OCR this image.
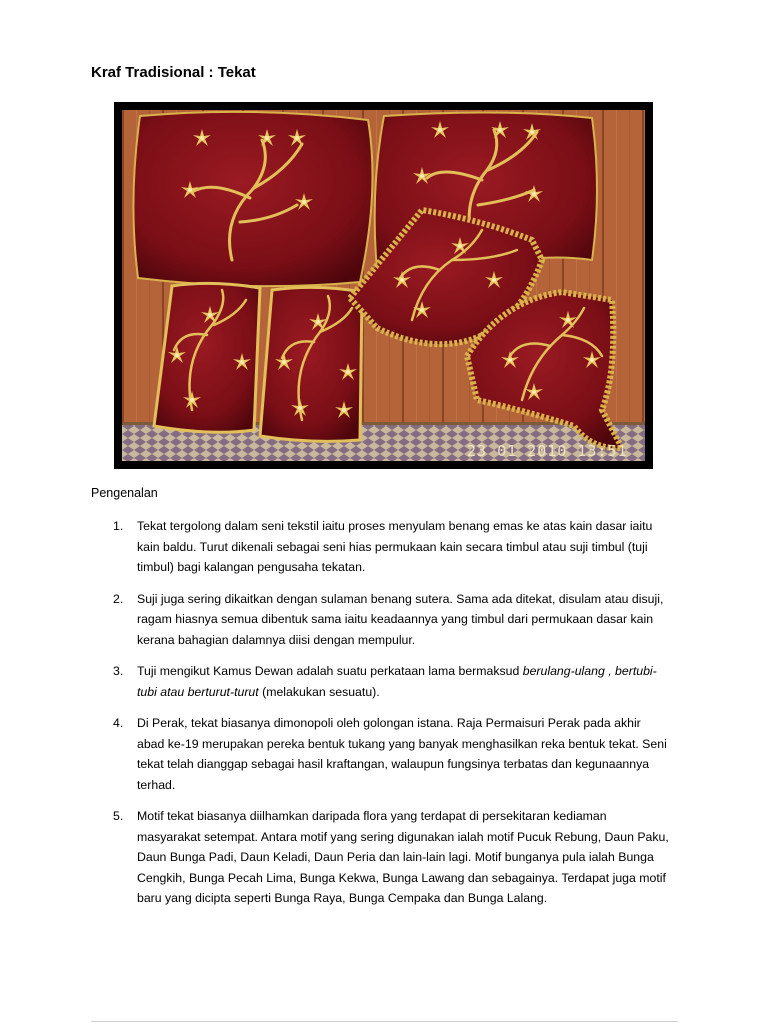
Kraf Tradisional : Tekat
23 01 2010 13:51

Pengenalan

1. Tekat tergolong dalam seni tekstil iaitu proses menyulam benang emas ke atas kain dasar iaitu kain baldu. Turut dikenali sebagai seni hias permukaan kain secara timbul atau suji timbul (tuji timbul) bagi kalangan pengusaha tekatan.
2. Suji juga sering dikaitkan dengan sulaman benang sutera. Sama ada ditekat, disulam atau disuji, ragam hiasnya semua dibentuk sama iaitu keadaannya yang timbul dari permukaan dasar kain kerana bahagian dalamnya diisi dengan mempulur.
3. Tuji mengikut Kamus Dewan adalah suatu perkataan lama bermaksud berulang-ulang , bertubi-tubi atau berturut-turut (melakukan sesuatu).
4. Di Perak, tekat biasanya dimonopoli oleh golongan istana. Raja Permaisuri Perak pada akhir abad ke-19 merupakan pereka bentuk tukang yang banyak menghasilkan reka bentuk tekat. Seni tekat telah dianggap sebagai hasil kraftangan, walaupun fungsinya terbatas dan kegunaannya terhad.
5. Motif tekat biasanya diilhamkan daripada flora yang terdapat di persekitaran kediaman masyarakat setempat. Antara motif yang sering digunakan ialah motif Pucuk Rebung, Daun Paku, Daun Bunga Padi, Daun Keladi, Daun Peria dan lain-lain lagi. Motif bunganya pula ialah Bunga Cengkih, Bunga Pecah Lima, Bunga Kekwa, Bunga Lawang dan sebagainya. Terdapat juga motif baru yang dicipta seperti Bunga Raya, Bunga Cempaka dan Bunga Lalang.
